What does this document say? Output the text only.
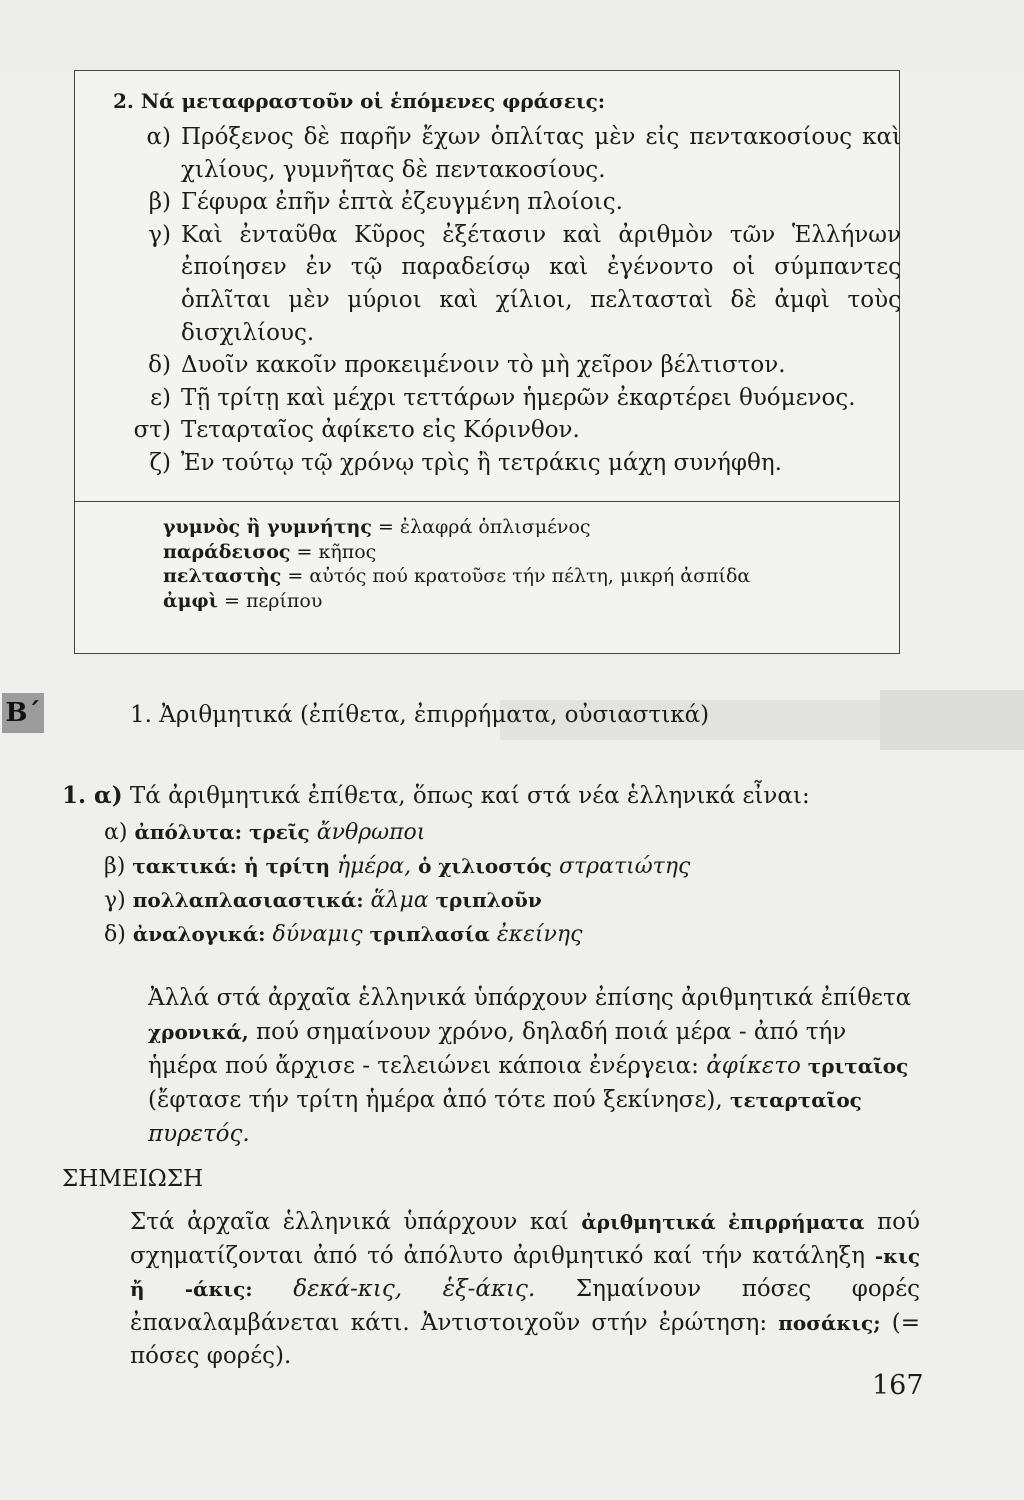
2. Νά μεταφραστοῦν οἱ ἑπόμενες φράσεις:
α) Πρόξενος δὲ παρῆν ἔχων ὁπλίτας μὲν εἰς πεντακοσίους καὶ χιλίους, γυμνῆτας δὲ πεντακοσίους.
β) Γέφυρα ἐπῆν ἑπτὰ ἐζευγμένη πλοίοις.
γ) Καὶ ἐνταῦθα Κῦρος ἐξέτασιν καὶ ἀριθμὸν τῶν Ἑλλήνων ἐποίησεν ἐν τῷ παραδείσῳ καὶ ἐγένοντο οἱ σύμπαντες ὁπλῖται μὲν μύριοι καὶ χίλιοι, πελτασταὶ δὲ ἀμφὶ τοὺς δισχιλίους.
δ) Δυοῖν κακοῖν προκειμένοιν τὸ μὴ χεῖρον βέλτιστον.
ε) Τῇ τρίτῃ καὶ μέχρι τεττάρων ἡμερῶν ἐκαρτέρει θυόμενος.
στ) Τεταρταῖος ἀφίκετο εἰς Κόρινθον.
ζ) Ἐν τούτῳ τῷ χρόνῳ τρὶς ἢ τετράκις μάχη συνήφθη.
γυμνὸς ἢ γυμνήτης = ἐλαφρά ὁπλισμένος
παράδεισος = κῆπος
πελταστὴς = αὐτός πού κρατοῦσε τήν πέλτη, μικρή ἀσπίδα
ἀμφὶ = περίπου
Β΄	1. Ἀριθμητικά (ἐπίθετα, ἐπιρρήματα, οὐσιαστικά)
1. α) Τά ἀριθμητικά ἐπίθετα, ὅπως καί στά νέα ἑλληνικά εἶναι:
α) ἀπόλυτα: τρεῖς ἄνθρωποι
β) τακτικά: ἡ τρίτη ἡμέρα, ὁ χιλιοστός στρατιώτης
γ) πολλαπλασιαστικά: ἅλμα τριπλοῦν
δ) ἀναλογικά: δύναμις τριπλασία ἐκείνης
Ἀλλά στά ἀρχαῖα ἑλληνικά ὑπάρχουν ἐπίσης ἀριθμητικά ἐπίθετα
χρονικά, πού σημαίνουν χρόνο, δηλαδή ποιά μέρα - ἀπό τήν
ἡμέρα πού ἄρχισε - τελειώνει κάποια ἐνέργεια: ἀφίκετο τριταῖος
(ἔφτασε τήν τρίτη ἡμέρα ἀπό τότε πού ξεκίνησε), τεταρταῖος
πυρετός.
ΣΗΜΕΙΩΣΗ
Στά ἀρχαῖα ἑλληνικά ὑπάρχουν καί ἀριθμητικά ἐπιρρήματα πού σχηματίζονται ἀπό τό ἀπόλυτο ἀριθμητικό καί τήν κατάληξη -κις ἤ -άκις: δεκά-κις, ἑξ-άκις. Σημαίνουν πόσες φορές ἐπαναλαμβάνεται κάτι. Ἀντιστοιχοῦν στήν ἐρώτηση: ποσάκις; (= πόσες φορές).
167
